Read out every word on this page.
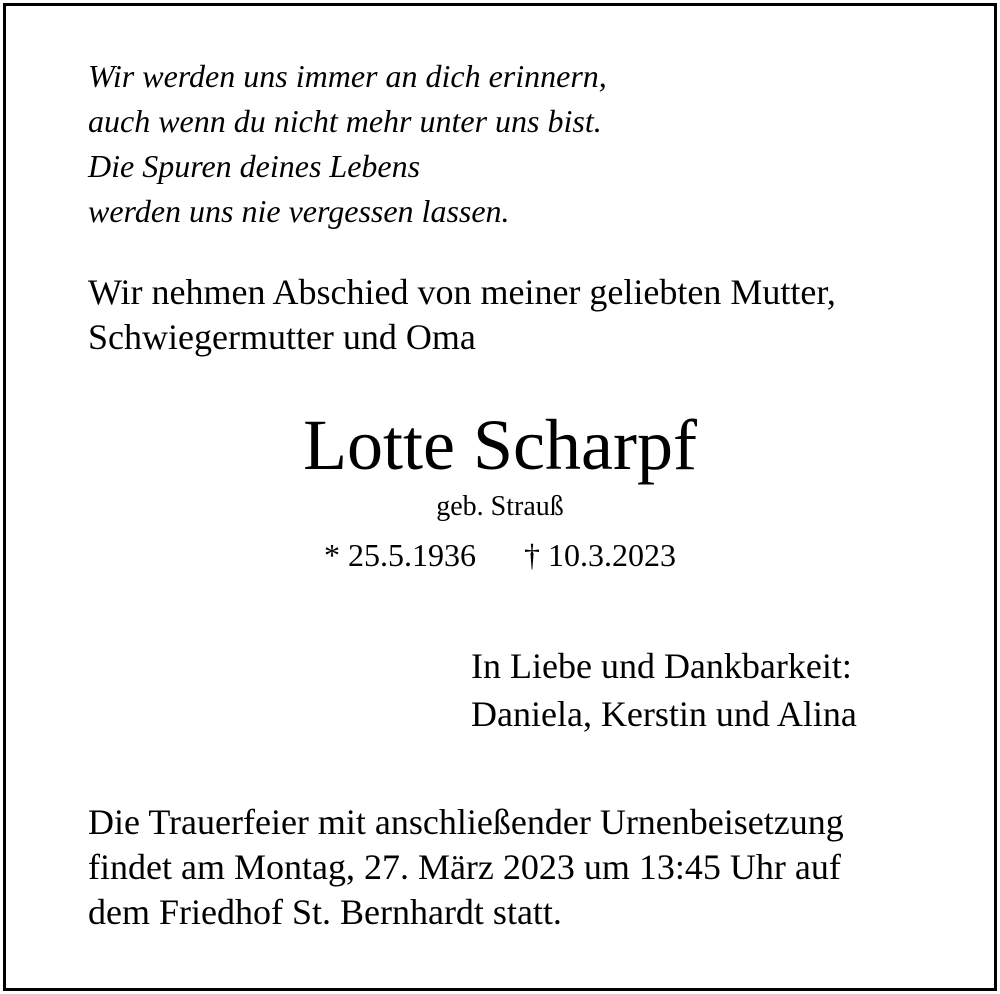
Wir werden uns immer an dich erinnern,
auch wenn du nicht mehr unter uns bist.
Die Spuren deines Lebens
werden uns nie vergessen lassen.
Wir nehmen Abschied von meiner geliebten Mutter,
Schwiegermutter und Oma
Lotte Scharpf
geb. Strauß
* 25.5.1936 † 10.3.2023
In Liebe und Dankbarkeit:
Daniela, Kerstin und Alina
Die Trauerfeier mit anschließender Urnenbeisetzung
findet am Montag, 27. März 2023 um 13:45 Uhr auf
dem Friedhof St. Bernhardt statt.
